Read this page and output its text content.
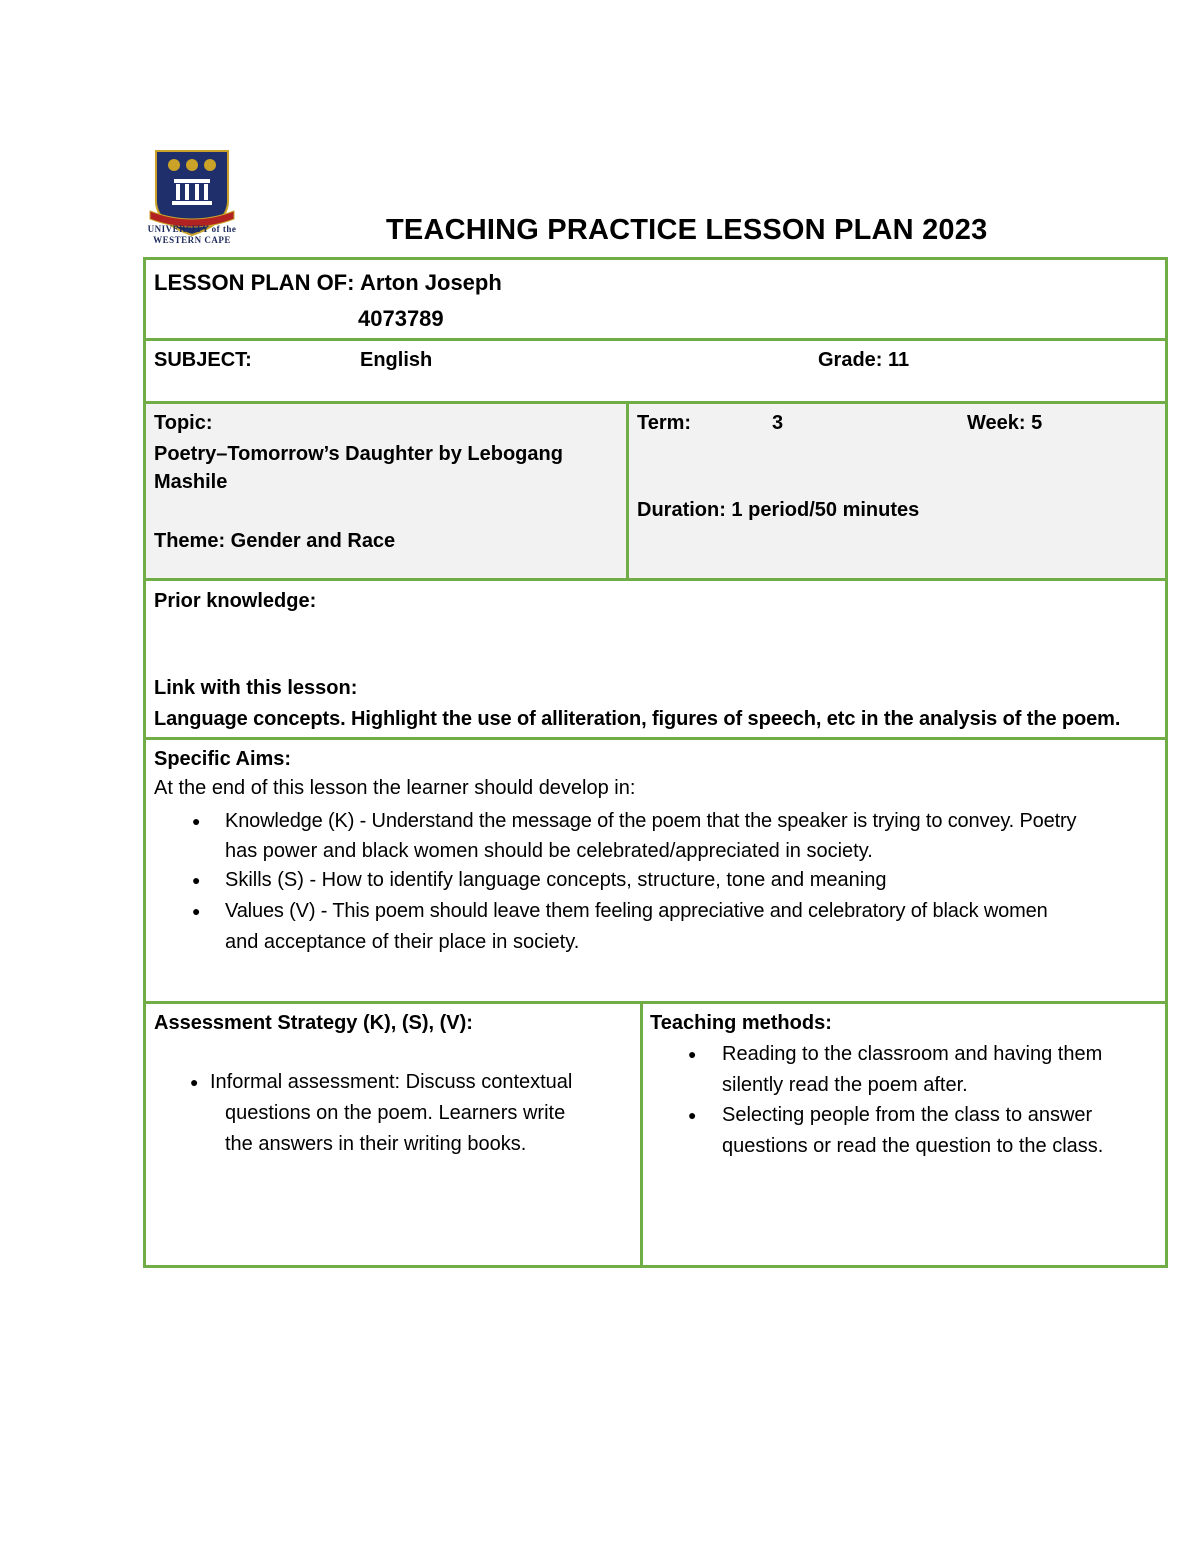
UNIVERSITY of the
WESTERN CAPE	TEACHING PRACTICE LESSON PLAN 2023
LESSON PLAN OF: Arton Joseph
4073789
SUBJECT:	English	Grade: 11
Topic:
Poetry–Tomorrow’s Daughter by Lebogang
Mashile
Theme: Gender and Race
Term:	3	Week: 5
Duration: 1 period/50 minutes
Prior knowledge:
Link with this lesson:
Language concepts. Highlight the use of alliteration, figures of speech, etc in the analysis of the poem.
Specific Aims:
At the end of this lesson the learner should develop in:
● Knowledge (K) - Understand the message of the poem that the speaker is trying to convey. Poetry
has power and black women should be celebrated/appreciated in society.
● Skills (S) - How to identify language concepts, structure, tone and meaning
● Values (V) - This poem should leave them feeling appreciative and celebratory of black women
and acceptance of their place in society.
Assessment Strategy (K), (S), (V):
● Informal assessment: Discuss contextual
questions on the poem. Learners write
the answers in their writing books.
Teaching methods:
● Reading to the classroom and having them
silently read the poem after.
● Selecting people from the class to answer
questions or read the question to the class.
